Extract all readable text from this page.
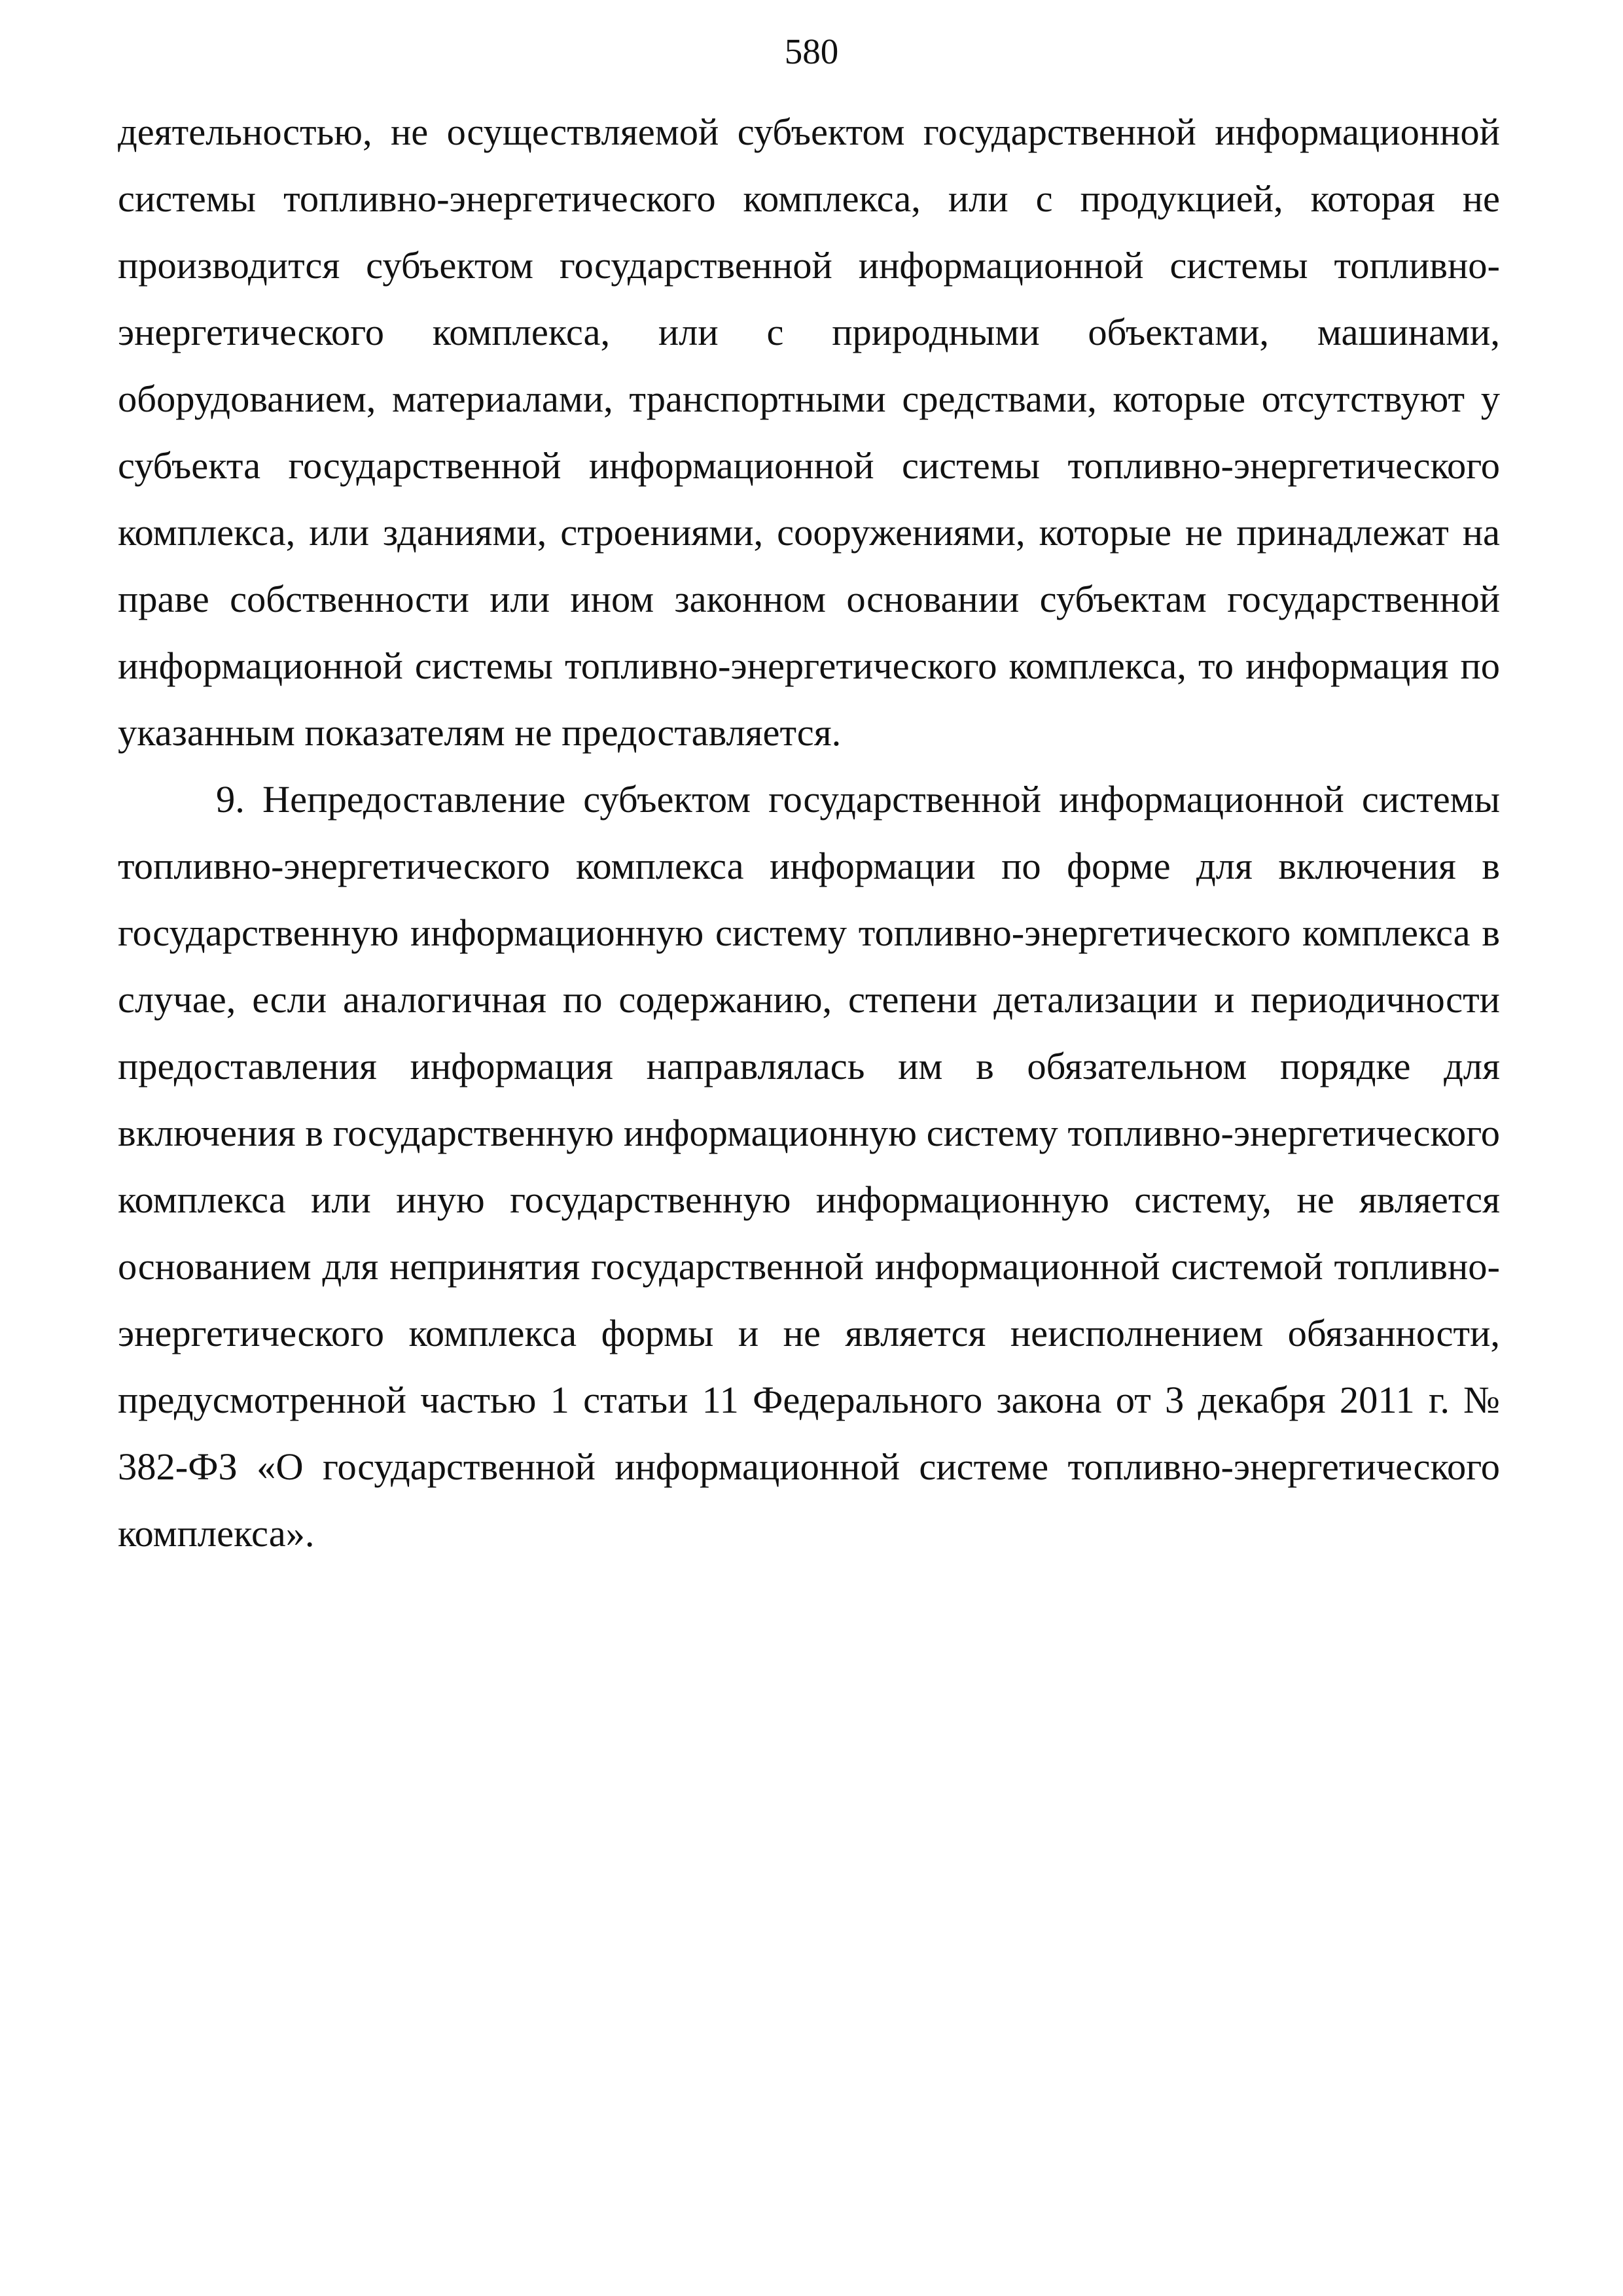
580

деятельностью, не осуществляемой субъектом государственной информационной системы топливно-энергетического комплекса, или с продукцией, которая не производится субъектом государственной информационной системы топливно-энергетического комплекса, или с природными объектами, машинами, оборудованием, материалами, транспортными средствами, которые отсутствуют у субъекта государственной информационной системы топливно-энергетического комплекса, или зданиями, строениями, сооружениями, которые не принадлежат на праве собственности или ином законном основании субъектам государственной информационной системы топливно-энергетического комплекса, то информация по указанным показателям не предоставляется.

9. Непредоставление субъектом государственной информационной системы топливно-энергетического комплекса информации по форме для включения в государственную информационную систему топливно-энергетического комплекса в случае, если аналогичная по содержанию, степени детализации и периодичности предоставления информация направлялась им в обязательном порядке для включения в государственную информационную систему топливно-энергетического комплекса или иную государственную информационную систему, не является основанием для непринятия государственной информационной системой топливно-энергетического комплекса формы и не является неисполнением обязанности, предусмотренной частью 1 статьи 11 Федерального закона от 3 декабря 2011 г. № 382-ФЗ «О государственной информационной системе топливно-энергетического комплекса».
